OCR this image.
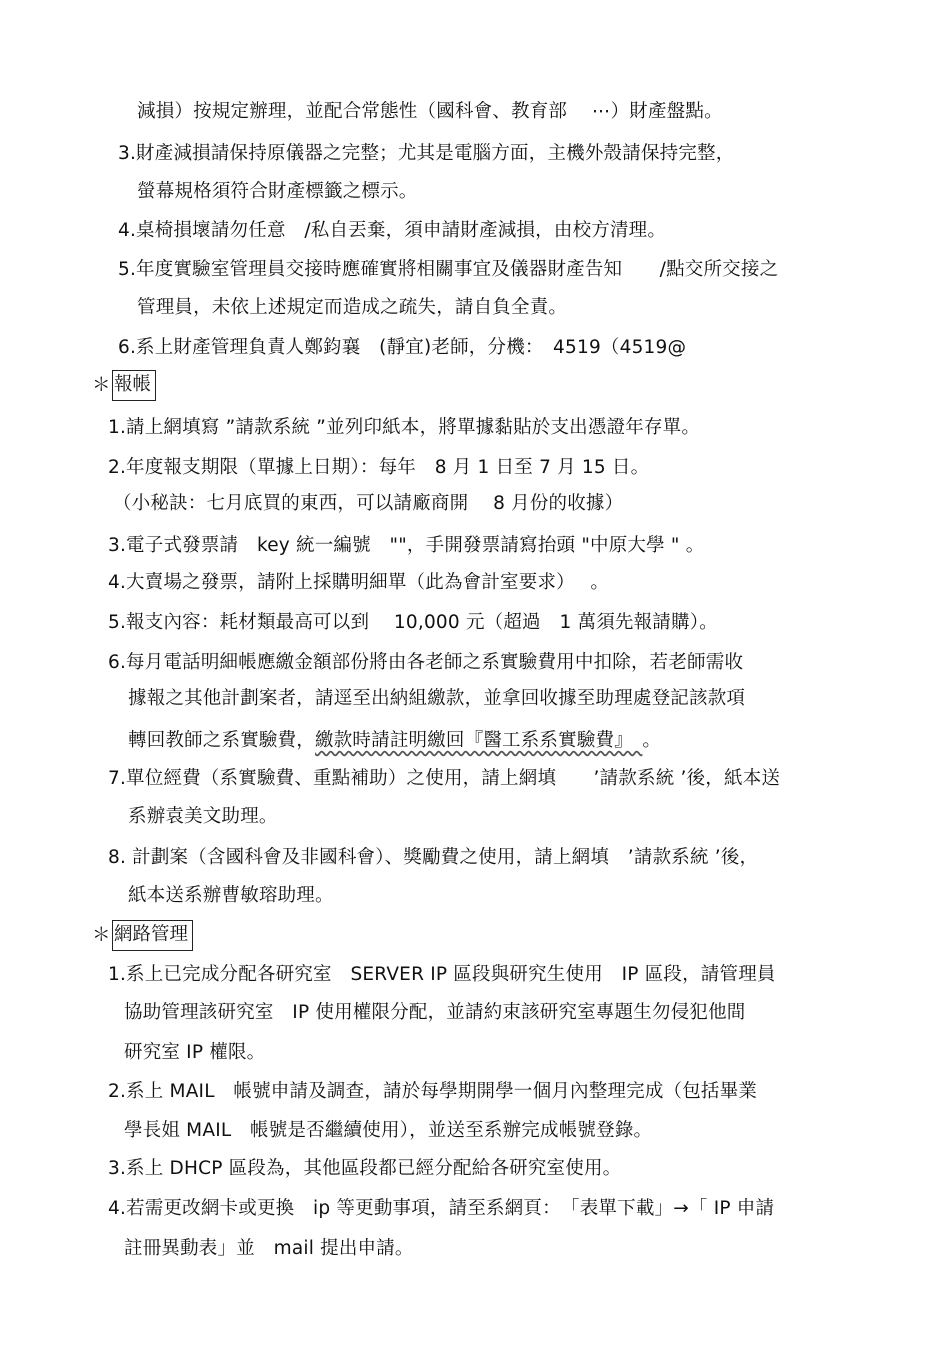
減損）按規定辦理，並配合常態性（國科會、教育部　 ⋯）財產盤點。
3.財產減損請保持原儀器之完整；尤其是電腦方面，主機外殼請保持完整，
螢幕規格須符合財產標籤之標示。
4.桌椅損壞請勿任意　/私自丟棄，須申請財產減損，由校方清理。
5.年度實驗室管理員交接時應確實將相關事宜及儀器財產告知　　/點交所交接之
管理員，未依上述規定而造成之疏失，請自負全責。
6.系上財產管理負責人鄭鈞襄　(靜宜)老師，分機：　4519（4519@
＊ 報帳
1.請上網填寫 ”請款系統 ”並列印紙本，將單據黏貼於支出憑證年存單。
2.年度報支期限（單據上日期）：每年　8 月 1 日至 7 月 15 日。
（小秘訣：七月底買的東西，可以請廠商開　 8 月份的收據）
3.電子式發票請　key 統一編號　""，手開發票請寫抬頭 "中原大學 " 。
4.大賣場之發票，請附上採購明細單（此為會計室要求）　 。
5.報支內容：耗材類最高可以到　 10,000 元（超過　1 萬須先報請購）。
6.每月電話明細帳應繳金額部份將由各老師之系實驗費用中扣除，若老師需收
據報之其他計劃案者，請逕至出納組繳款，並拿回收據至助理處登記該款項
轉回教師之系實驗費，繳款時請註明繳回『醫工系系實驗費』　。
7.單位經費（系實驗費、重點補助）之使用，請上網填　　’請款系統 ’後，紙本送
系辦袁美文助理。
8. 計劃案（含國科會及非國科會）、獎勵費之使用，請上網填　’請款系統 ’後，
紙本送系辦曹敏瑢助理。
＊ 網路管理
1.系上已完成分配各研究室　SERVER IP 區段與研究生使用　IP 區段，請管理員
協助管理該研究室　IP 使用權限分配，並請約束該研究室專題生勿侵犯他間
研究室 IP 權限。
2.系上 MAIL　帳號申請及調查，請於每學期開學一個月內整理完成（包括畢業
學長姐 MAIL　帳號是否繼續使用），並送至系辦完成帳號登錄。
3.系上 DHCP 區段為，其他區段都已經分配給各研究室使用。
4.若需更改網卡或更換　ip 等更動事項，請至系網頁：　「表單下載」→「 IP 申請
註冊異動表」並　mail 提出申請。
